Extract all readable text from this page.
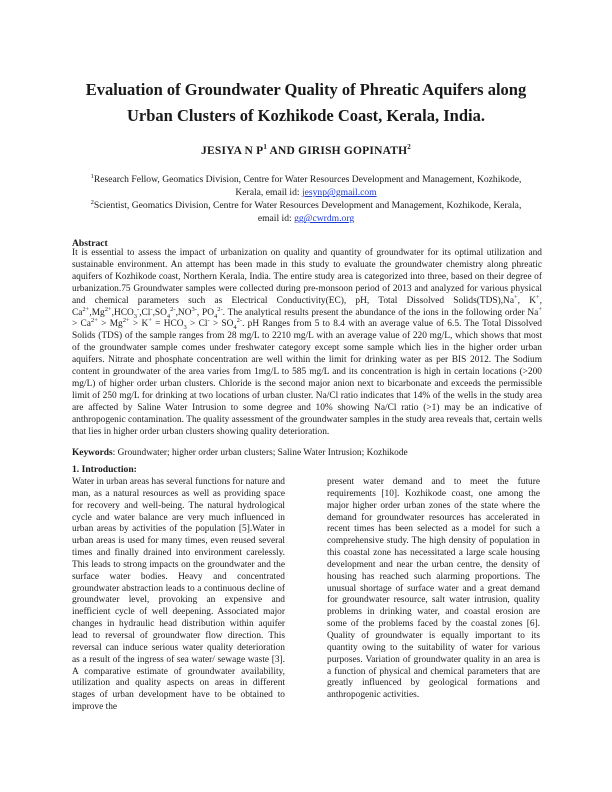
Evaluation of Groundwater Quality of Phreatic Aquifers along
Urban Clusters of Kozhikode Coast, Kerala, India.
JESIYA N $P^1$ AND GIRISH GOPINATH$^2$
$^1$Research Fellow, Geomatics Division, Centre for Water Resources Development and Management, Kozhikode,
Kerala, email id: jesynp@gmail.com
$^2$Scientist, Geomatics Division, Centre for Water Resources Development and Management, Kozhikode, Kerala,
email id: gg@cwrdm.org
Abstract
It is essential to assess the impact of urbanization on quality and quantity of groundwater for its optimal utilization and sustainable environment. An attempt has been made in this study to evaluate the groundwater chemistry along phreatic aquifers of Kozhikode coast, Northern Kerala, India. The entire study area is categorized into three, based on their degree of urbanization.75 Groundwater samples were collected during pre-monsoon period of 2013 and analyzed for various physical and chemical parameters such as Electrical Conductivity(EC), pH, Total Dissolved Solids(TDS),Na+, K+, $Ca^{2+},Mg^{2+},HCO_3^-,Cl^-,SO_4^{2-},NO^{3-}$, $PO_4^{2-}$. The analytical results present the abundance of the ions in the following order $Na^+ > Ca^{2+} > Mg^{2+} > K^+ = HCO_3 > Cl^- > SO_4^{2-}$. pH Ranges from 5 to 8.4 with an average value of 6.5. The Total Dissolved Solids (TDS) of the sample ranges from 28 mg/L to 2210 mg/L with an average value of 220 mg/L, which shows that most of the groundwater sample comes under freshwater category except some sample which lies in the higher order urban aquifers. Nitrate and phosphate concentration are well within the limit for drinking water as per BIS 2012. The Sodium content in groundwater of the area varies from 1mg/L to 585 mg/L and its concentration is high in certain locations (>200 mg/L) of higher order urban clusters. Chloride is the second major anion next to bicarbonate and exceeds the permissible limit of 250 mg/L for drinking at two locations of urban cluster. Na/Cl ratio indicates that 14% of the wells in the study area are affected by Saline Water Intrusion to some degree and 10% showing Na/Cl ratio (>1) may be an indicative of anthropogenic contamination. The quality assessment of the groundwater samples in the study area reveals that, certain wells that lies in higher order urban clusters showing quality deterioration.
Keywords: Groundwater; higher order urban clusters; Saline Water Intrusion; Kozhikode
1. Introduction:
Water in urban areas has several functions for nature and man, as a natural resources as well as providing space for recovery and well-being. The natural hydrological cycle and water balance are very much influenced in urban areas by activities of the population [5].Water in urban areas is used for many times, even reused several times and finally drained into environment carelessly. This leads to strong impacts on the groundwater and the surface water bodies. Heavy and concentrated groundwater abstraction leads to a continuous decline of groundwater level, provoking an expensive and inefficient cycle of well deepening. Associated major changes in hydraulic head distribution within aquifer lead to reversal of groundwater flow direction. This reversal can induce serious water quality deterioration as a result of the ingress of sea water/ sewage waste [3]. A comparative estimate of groundwater availability, utilization and quality aspects on areas in different stages of urban development have to be obtained to improve the
present water demand and to meet the future requirements [10]. Kozhikode coast, one among the major higher order urban zones of the state where the demand for groundwater resources has accelerated in recent times has been selected as a model for such a comprehensive study. The high density of population in this coastal zone has necessitated a large scale housing development and near the urban centre, the density of housing has reached such alarming proportions. The unusual shortage of surface water and a great demand for groundwater resource, salt water intrusion, quality problems in drinking water, and coastal erosion are some of the problems faced by the coastal zones [6]. Quality of groundwater is equally important to its quantity owing to the suitability of water for various purposes. Variation of groundwater quality in an area is a function of physical and chemical parameters that are greatly influenced by geological formations and anthropogenic activities.
